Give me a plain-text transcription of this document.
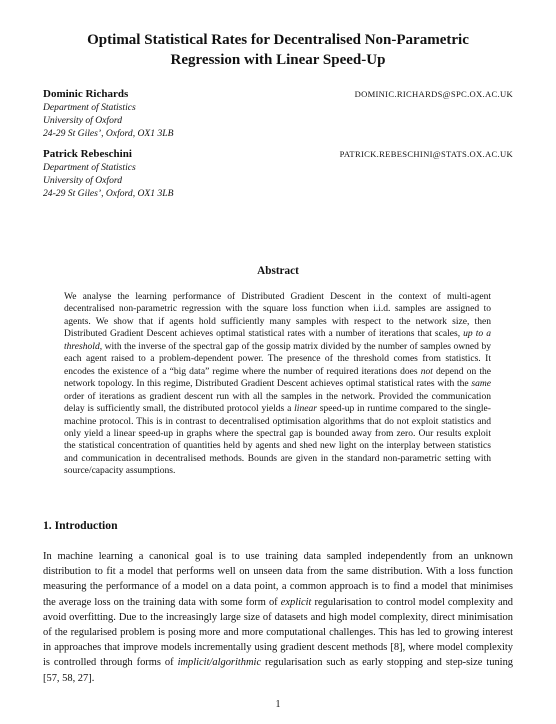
Optimal Statistical Rates for Decentralised Non-Parametric
Regression with Linear Speed-Up
Dominic Richards	DOMINIC.RICHARDS@SPC.OX.AC.UK
Department of Statistics
University of Oxford
24-29 St Giles’, Oxford, OX1 3LB
Patrick Rebeschini	PATRICK.REBESCHINI@STATS.OX.AC.UK
Department of Statistics
University of Oxford
24-29 St Giles’, Oxford, OX1 3LB
Abstract
We analyse the learning performance of Distributed Gradient Descent in the context of multi-agent decentralised non-parametric regression with the square loss function when i.i.d. samples are assigned to agents. We show that if agents hold sufficiently many samples with respect to the network size, then Distributed Gradient Descent achieves optimal statistical rates with a number of iterations that scales, up to a threshold, with the inverse of the spectral gap of the gossip matrix divided by the number of samples owned by each agent raised to a problem-dependent power. The presence of the threshold comes from statistics. It encodes the existence of a “big data” regime where the number of required iterations does not depend on the network topology. In this regime, Distributed Gradient Descent achieves optimal statistical rates with the same order of iterations as gradient descent run with all the samples in the network. Provided the communication delay is sufficiently small, the distributed protocol yields a linear speed-up in runtime compared to the single-machine protocol. This is in contrast to decentralised optimisation algorithms that do not exploit statistics and only yield a linear speed-up in graphs where the spectral gap is bounded away from zero. Our results exploit the statistical concentration of quantities held by agents and shed new light on the interplay between statistics and communication in decentralised methods. Bounds are given in the standard non-parametric setting with source/capacity assumptions.
1. Introduction
In machine learning a canonical goal is to use training data sampled independently from an unknown distribution to fit a model that performs well on unseen data from the same distribution. With a loss function measuring the performance of a model on a data point, a common approach is to find a model that minimises the average loss on the training data with some form of explicit regularisation to control model complexity and avoid overfitting. Due to the increasingly large size of datasets and high model complexity, direct minimisation of the regularised problem is posing more and more computational challenges. This has led to growing interest in approaches that improve models incrementally using gradient descent methods [8], where model complexity is controlled through forms of implicit/algorithmic regularisation such as early stopping and step-size tuning [57, 58, 27].
1
